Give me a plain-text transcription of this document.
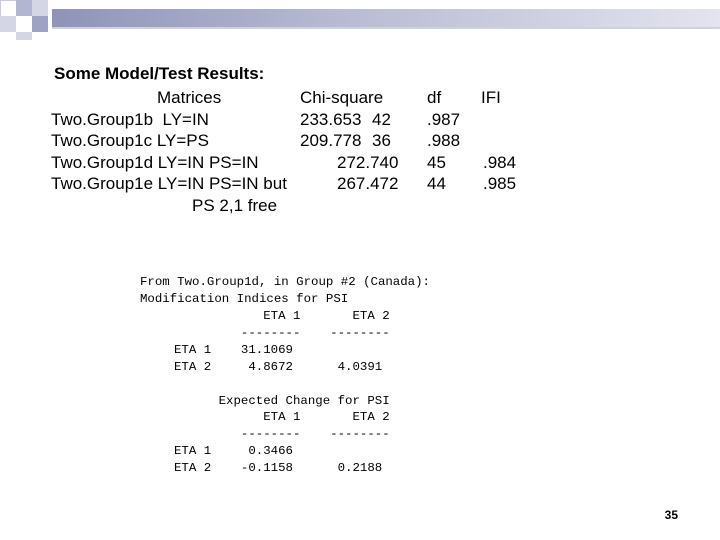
Some Model/Test Results:
Matrices	Chi-square	df IFI
Two.Group1b  LY=IN	233.653 42 .987
Two.Group1c LY=PS	209.778 36 .988
Two.Group1d LY=IN PS=IN	272.740 45 .984
Two.Group1e LY=IN PS=IN but	267.472 44 .985
PS 2,1 free
From Two.Group1d, in Group #2 (Canada):
Modification Indices for PSI
ETA 1       ETA 2
--------    --------
ETA 1    31.1069
ETA 2     4.8672      4.0391
Expected Change for PSI
ETA 1       ETA 2
--------    --------
ETA 1     0.3466
ETA 2    -0.1158      0.2188
35
